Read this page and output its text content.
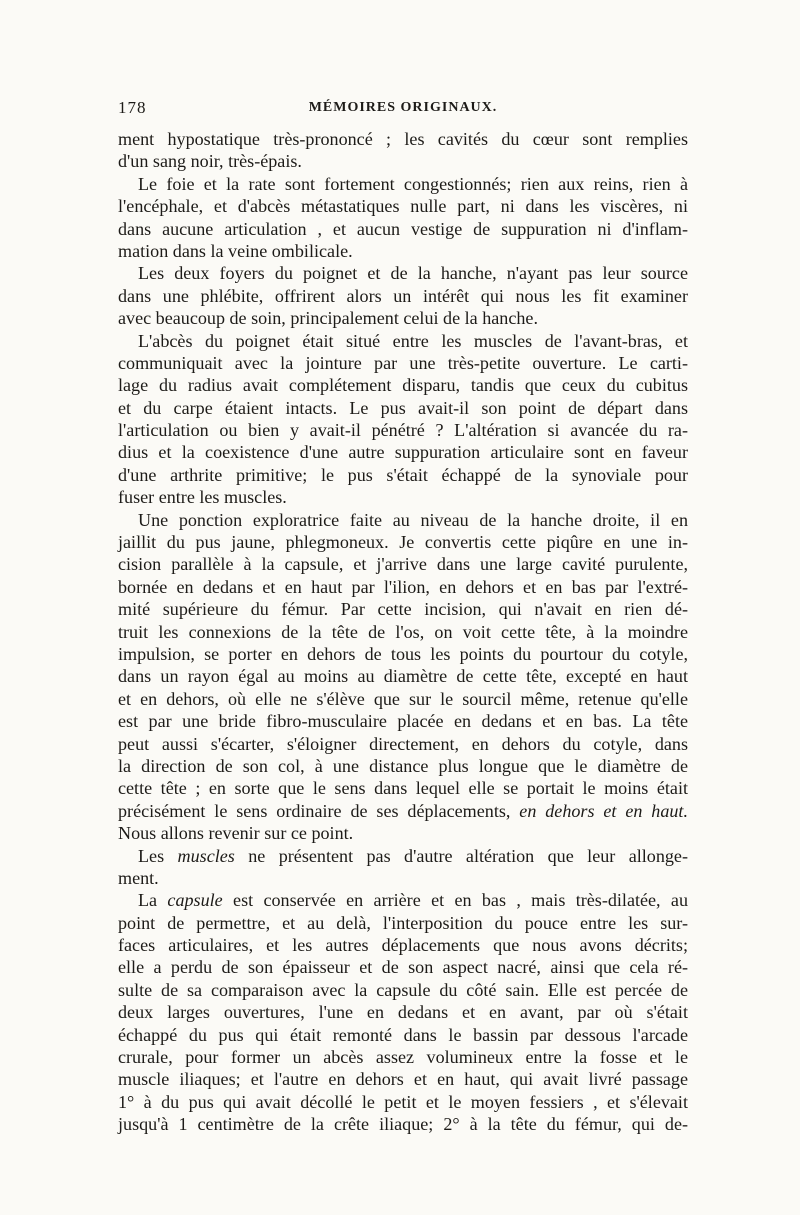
178	MÉMOIRES ORIGINAUX.
ment hypostatique très-prononcé ; les cavités du cœur sont remplies
d'un sang noir, très-épais.
Le foie et la rate sont fortement congestionnés; rien aux reins, rien à
l'encéphale, et d'abcès métastatiques nulle part, ni dans les viscères, ni
dans aucune articulation , et aucun vestige de suppuration ni d'inflam-
mation dans la veine ombilicale.
Les deux foyers du poignet et de la hanche, n'ayant pas leur source
dans une phlébite, offrirent alors un intérêt qui nous les fit examiner
avec beaucoup de soin, principalement celui de la hanche.
L'abcès du poignet était situé entre les muscles de l'avant-bras, et
communiquait avec la jointure par une très-petite ouverture. Le carti-
lage du radius avait complétement disparu, tandis que ceux du cubitus
et du carpe étaient intacts. Le pus avait-il son point de départ dans
l'articulation ou bien y avait-il pénétré ? L'altération si avancée du ra-
dius et la coexistence d'une autre suppuration articulaire sont en faveur
d'une arthrite primitive; le pus s'était échappé de la synoviale pour
fuser entre les muscles.
Une ponction exploratrice faite au niveau de la hanche droite, il en
jaillit du pus jaune, phlegmoneux. Je convertis cette piqûre en une in-
cision parallèle à la capsule, et j'arrive dans une large cavité purulente,
bornée en dedans et en haut par l'ilion, en dehors et en bas par l'extré-
mité supérieure du fémur. Par cette incision, qui n'avait en rien dé-
truit les connexions de la tête de l'os, on voit cette tête, à la moindre
impulsion, se porter en dehors de tous les points du pourtour du cotyle,
dans un rayon égal au moins au diamètre de cette tête, excepté en haut
et en dehors, où elle ne s'élève que sur le sourcil même, retenue qu'elle
est par une bride fibro-musculaire placée en dedans et en bas. La tête
peut aussi s'écarter, s'éloigner directement, en dehors du cotyle, dans
la direction de son col, à une distance plus longue que le diamètre de
cette tête ; en sorte que le sens dans lequel elle se portait le moins était
précisément le sens ordinaire de ses déplacements, en dehors et en haut.
Nous allons revenir sur ce point.
Les muscles ne présentent pas d'autre altération que leur allonge-
ment.
La capsule est conservée en arrière et en bas , mais très-dilatée, au
point de permettre, et au delà, l'interposition du pouce entre les sur-
faces articulaires, et les autres déplacements que nous avons décrits;
elle a perdu de son épaisseur et de son aspect nacré, ainsi que cela ré-
sulte de sa comparaison avec la capsule du côté sain. Elle est percée de
deux larges ouvertures, l'une en dedans et en avant, par où s'était
échappé du pus qui était remonté dans le bassin par dessous l'arcade
crurale, pour former un abcès assez volumineux entre la fosse et le
muscle iliaques; et l'autre en dehors et en haut, qui avait livré passage
1° à du pus qui avait décollé le petit et le moyen fessiers , et s'élevait
jusqu'à 1 centimètre de la crête iliaque; 2° à la tête du fémur, qui de-
